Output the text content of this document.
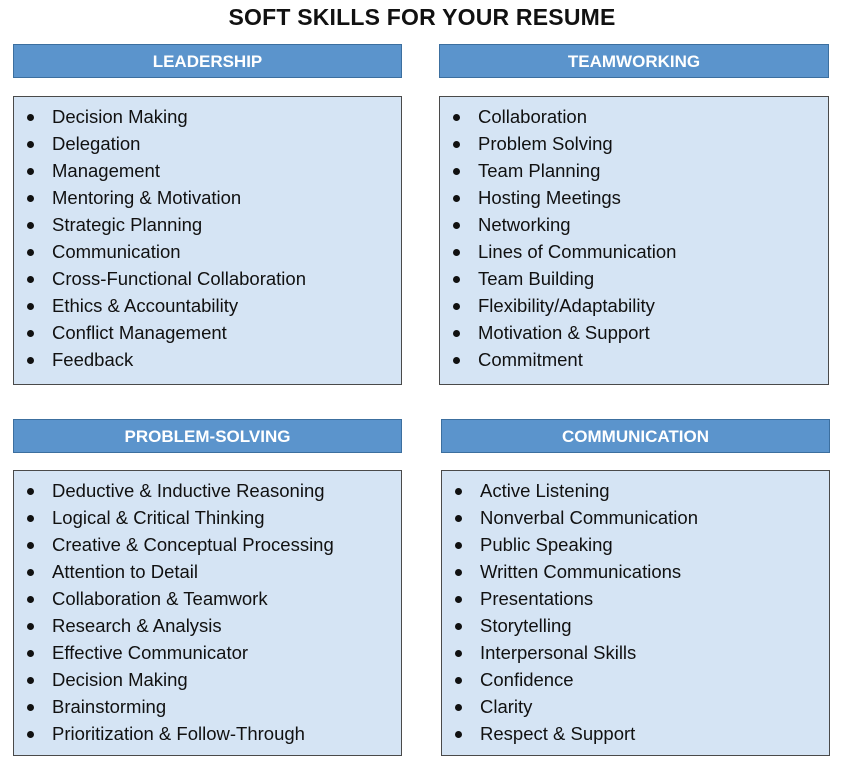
SOFT SKILLS FOR YOUR RESUME
LEADERSHIP	TEAMWORKING
PROBLEM-SOLVING	COMMUNICATION
Decision Making
Delegation
Management
Mentoring & Motivation
Strategic Planning
Communication
Cross-Functional Collaboration
Ethics & Accountability
Conflict Management
Feedback
Collaboration
Problem Solving
Team Planning
Hosting Meetings
Networking
Lines of Communication
Team Building
Flexibility/Adaptability
Motivation & Support
Commitment
Deductive & Inductive Reasoning
Logical & Critical Thinking
Creative & Conceptual Processing
Attention to Detail
Collaboration & Teamwork
Research & Analysis
Effective Communicator
Decision Making
Brainstorming
Prioritization & Follow-Through
Active Listening
Nonverbal Communication
Public Speaking
Written Communications
Presentations
Storytelling
Interpersonal Skills
Confidence
Clarity
Respect & Support
